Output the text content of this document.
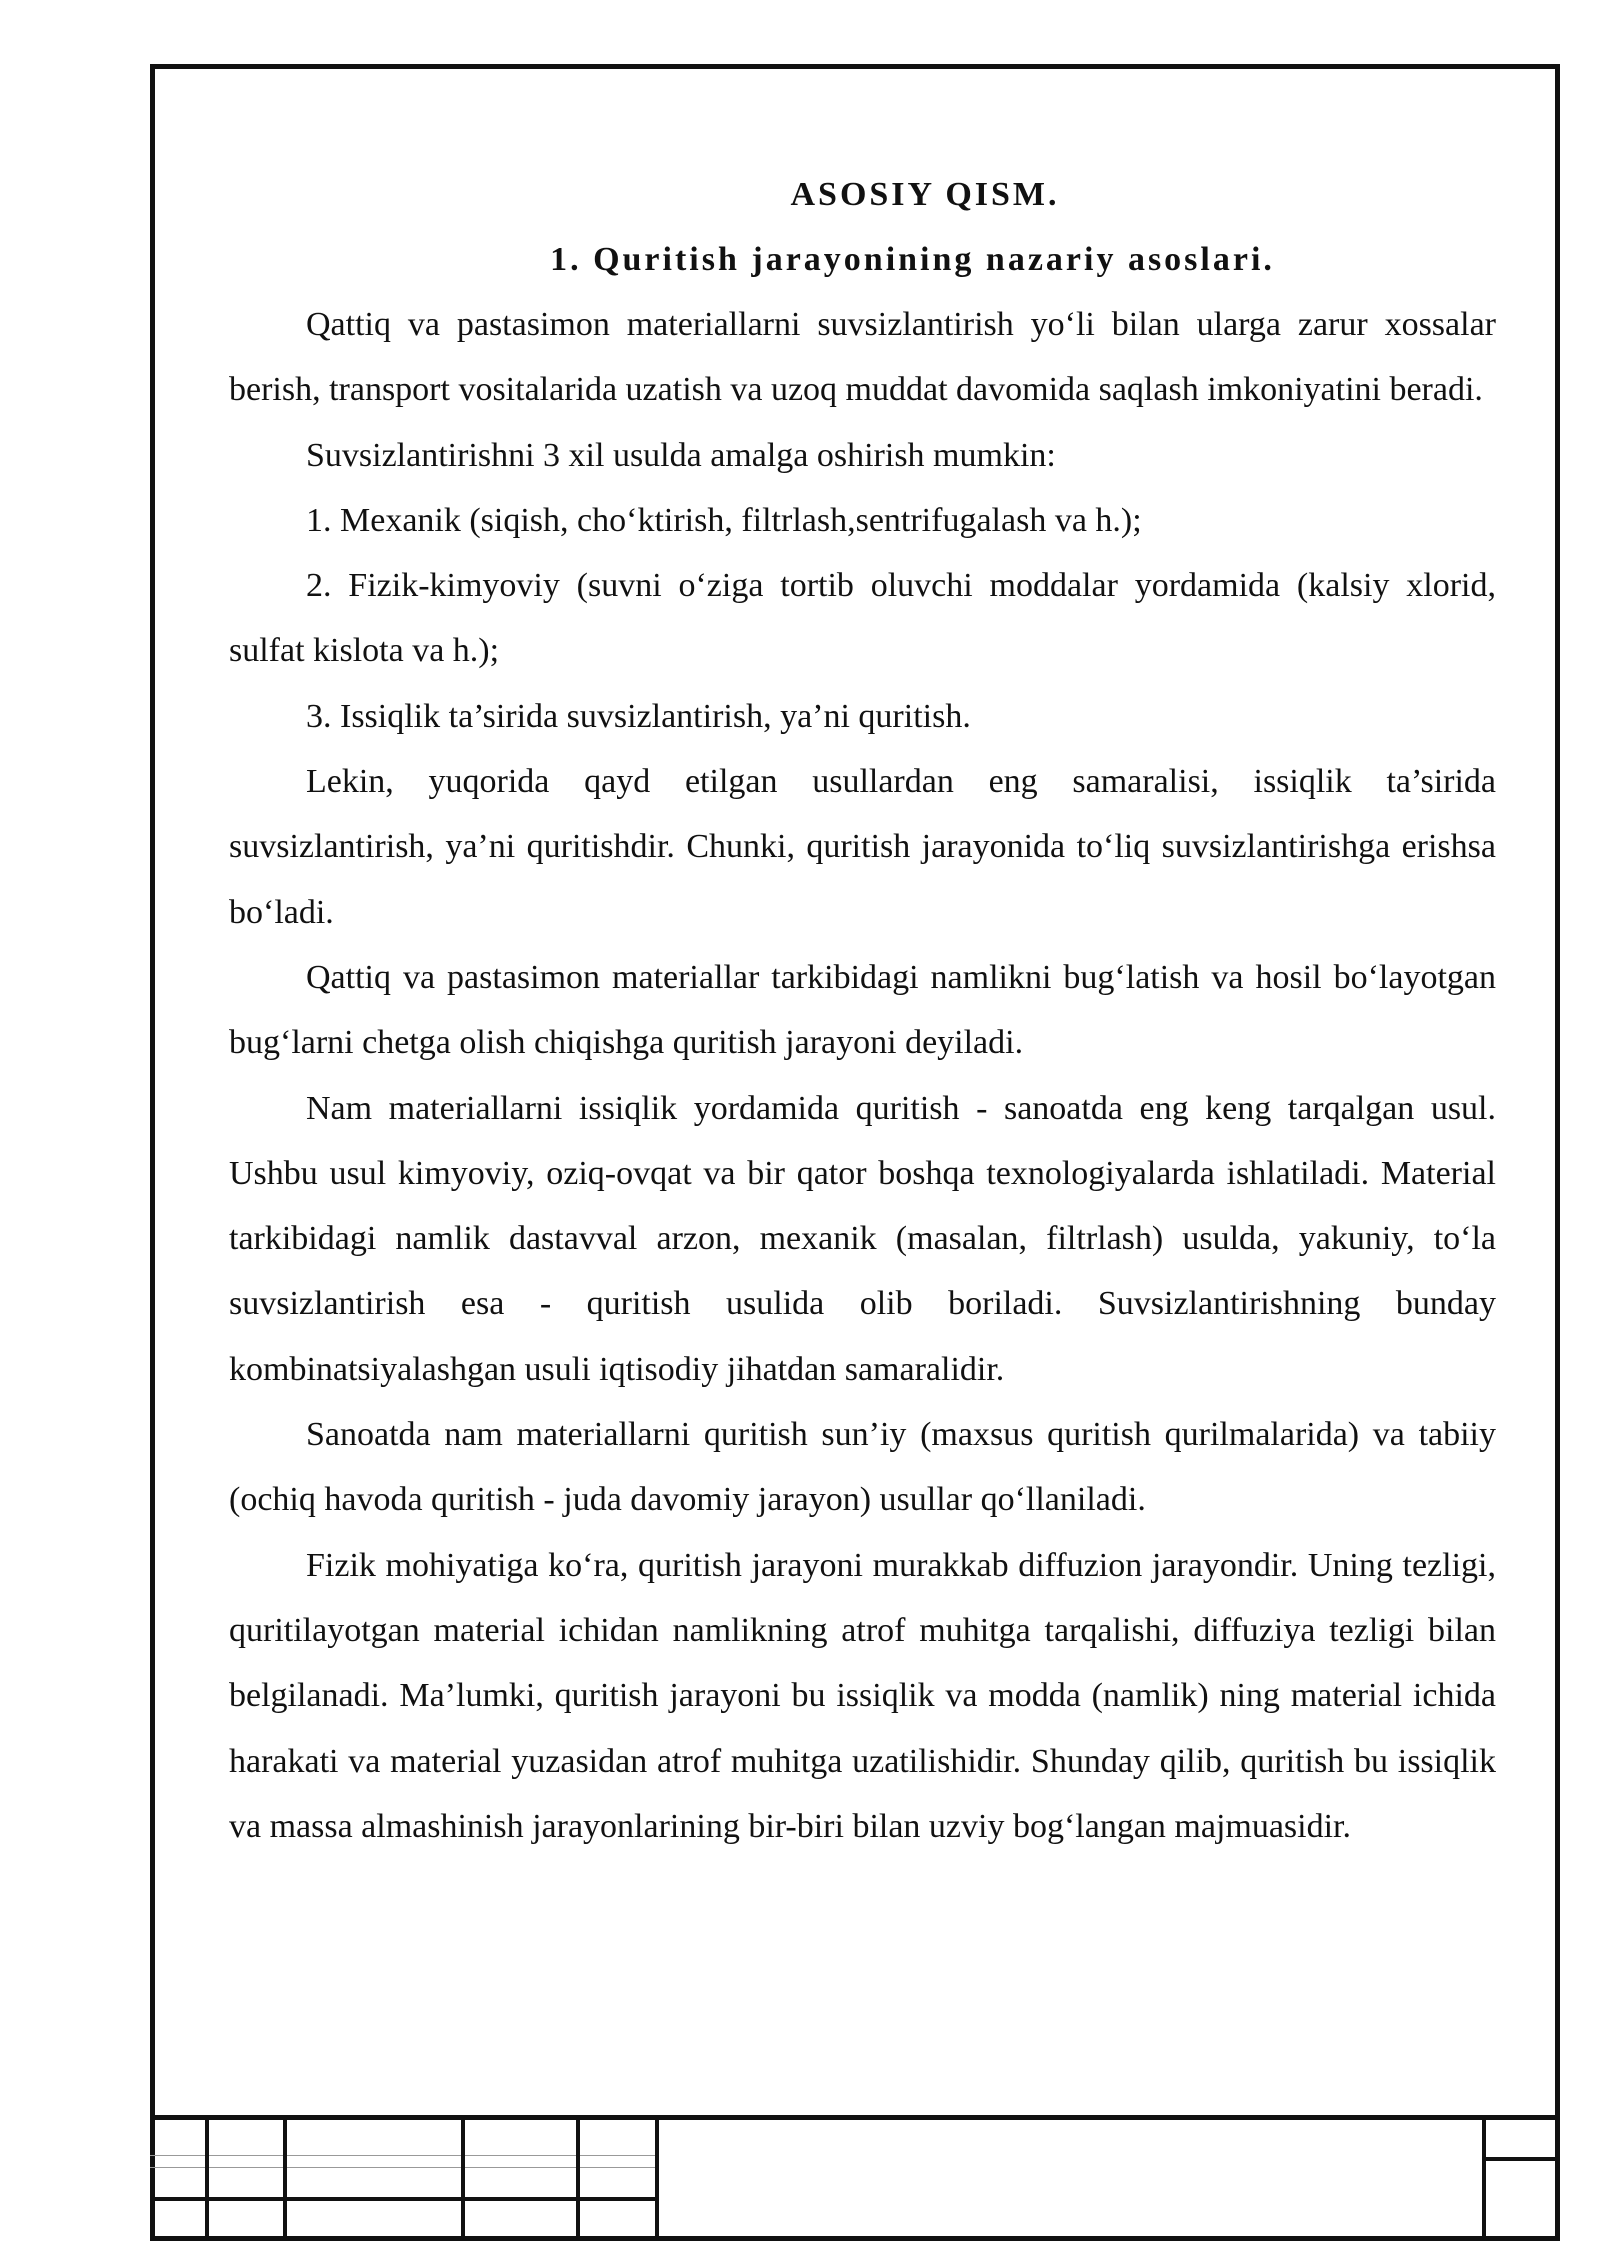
ASOSIY QISM.
1. Quritish jarayonining nazariy asoslari.

Qattiq va pastasimon materiallarni suvsizlantirish yo‘li bilan ularga zarur xossalar berish, transport vositalarida uzatish va uzoq muddat davomida saqlash imkoniyatini beradi.

Suvsizlantirishni 3 xil usulda amalga oshirish mumkin:

1. Mexanik (siqish, cho‘ktirish, filtrlash,sentrifugalash va h.);

2. Fizik-kimyoviy (suvni o‘ziga tortib oluvchi moddalar yordamida (kalsiy xlorid, sulfat kislota va h.);

3. Issiqlik ta’sirida suvsizlantirish, ya’ni quritish.

Lekin, yuqorida qayd etilgan usullardan eng samaralisi, issiqlik ta’sirida suvsizlantirish, ya’ni quritishdir. Chunki, quritish jarayonida to‘liq suvsizlantirishga erishsa bo‘ladi.

Qattiq va pastasimon materiallar tarkibidagi namlikni bug‘latish va hosil bo‘layotgan bug‘larni chetga olish chiqishga quritish jarayoni deyiladi.

Nam materiallarni issiqlik yordamida quritish - sanoatda eng keng tarqalgan usul. Ushbu usul kimyoviy, oziq-ovqat va bir qator boshqa texnologiyalarda ishlatiladi. Material tarkibidagi namlik dastavval arzon, mexanik (masalan, filtrlash) usulda, yakuniy, to‘la suvsizlantirish esa - quritish usulida olib boriladi. Suvsizlantirishning bunday kombinatsiyalashgan usuli iqtisodiy jihatdan samaralidir.

Sanoatda nam materiallarni quritish sun’iy (maxsus quritish qurilmalarida) va tabiiy (ochiq havoda quritish - juda davomiy jarayon) usullar qo‘llaniladi.

Fizik mohiyatiga ko‘ra, quritish jarayoni murakkab diffuzion jarayondir. Uning tezligi, quritilayotgan material ichidan namlikning atrof muhitga tarqalishi, diffuziya tezligi bilan belgilanadi. Ma’lumki, quritish jarayoni bu issiqlik va modda (namlik) ning material ichida harakati va material yuzasidan atrof muhitga uzatilishidir. Shunday qilib, quritish bu issiqlik va massa almashinish jarayonlarining bir-biri bilan uzviy bog‘langan majmuasidir.
